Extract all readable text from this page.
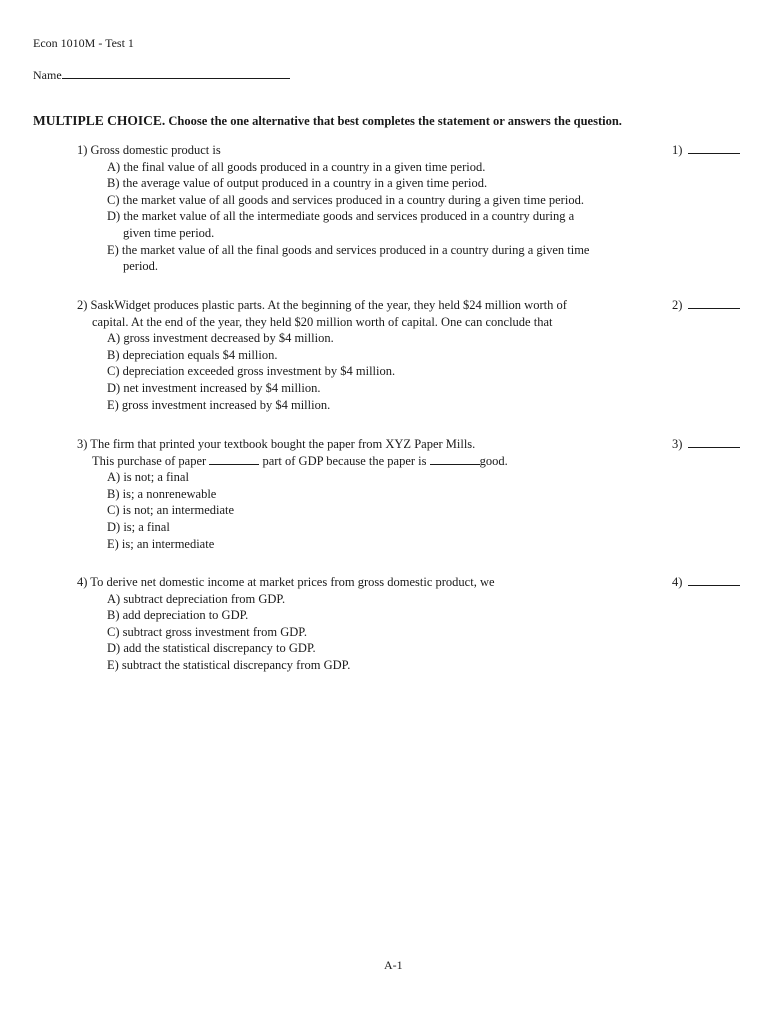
Econ 1010M - Test 1
Name
MULTIPLE CHOICE. Choose the one alternative that best completes the statement or answers the question.

1) Gross domestic product is

A) the final value of all goods produced in a country in a given time period.
B) the average value of output produced in a country in a given time period.
C) the market value of all goods and services produced in a country during a given time period.
D) the market value of all the intermediate goods and services produced in a country during a
given time period.
E) the market value of all the final goods and services produced in a country during a given time
period.
1)

2) SaskWidget produces plastic parts. At the beginning of the year, they held $24 million worth of

capital. At the end of the year, they held $20 million worth of capital. One can conclude that

A) gross investment decreased by $4 million.
B) depreciation equals $4 million.
C) depreciation exceeded gross investment by $4 million.
D) net investment increased by $4 million.
E) gross investment increased by $4 million.
2)

3) The firm that printed your textbook bought the paper from XYZ Paper Mills.

This purchase of paper	part of GDP because the paper is	good.

A) is not; a final
B) is; a nonrenewable
C) is not; an intermediate
D) is; a final
E) is; an intermediate
3)

4) To derive net domestic income at market prices from gross domestic product, we

A) subtract depreciation from GDP.
B) add depreciation to GDP.
C) subtract gross investment from GDP.
D) add the statistical discrepancy to GDP.
E) subtract the statistical discrepancy from GDP.
4)
A-1
